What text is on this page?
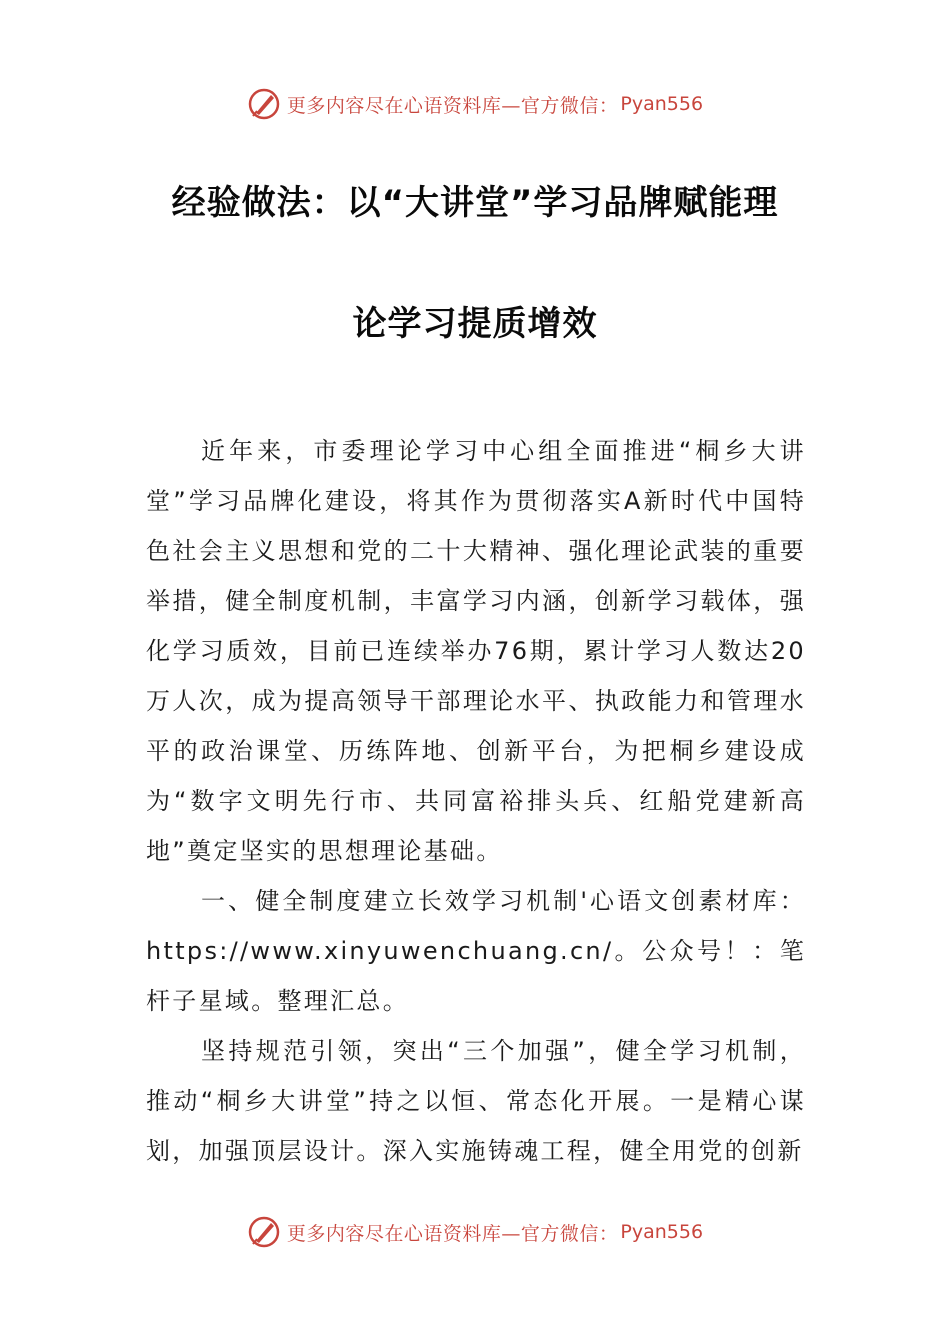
更多内容尽在心语资料库—官方微信： Pyan556
经验做法：以“大讲堂”学习品牌赋能理
论学习提质增效

近年来，市委理论学习中心组全面推进“桐乡大讲堂”学习品牌化建设，将其作为贯彻落实A新时代中国特色社会主义思想和党的二十大精神、强化理论武装的重要举措，健全制度机制，丰富学习内涵，创新学习载体，强化学习质效，目前已连续举办76期，累计学习人数达20万人次，成为提高领导干部理论水平、执政能力和管理水平的政治课堂、历练阵地、创新平台，为把桐乡建设成为“数字文明先行市、共同富裕排头兵、红船党建新高地”奠定坚实的思想理论基础。

一、健全制度建立长效学习机制'心语文创素材库：https://www.xinyuwenchuang.cn/。公众号！：笔杆子星域。整理汇总。

坚持规范引领，突出“三个加强”，健全学习机制，推动“桐乡大讲堂”持之以恒、常态化开展。一是精心谋划，加强顶层设计。深入实施铸魂工程，健全用党的创新

更多内容尽在心语资料库—官方微信： Pyan556
